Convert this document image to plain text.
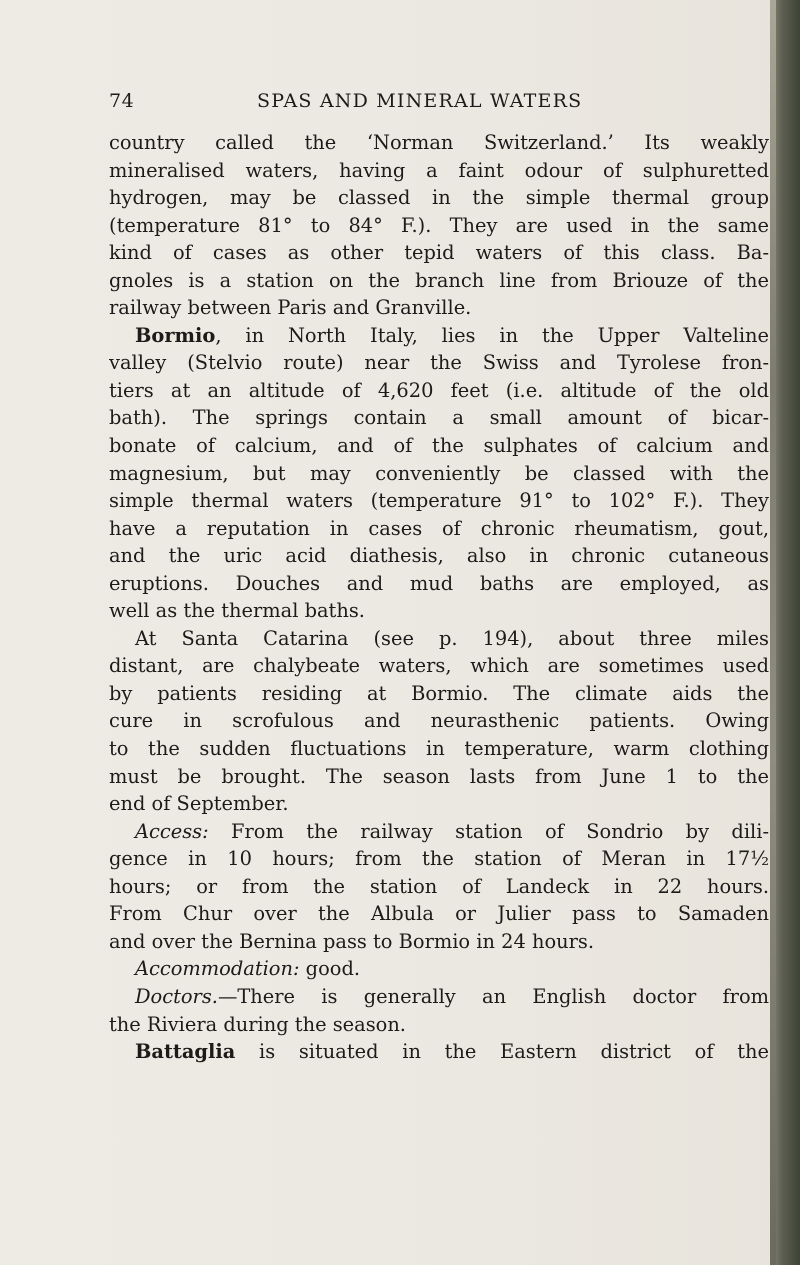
74	SPAS AND MINERAL WATERS
country called the ‘Norman Switzerland.’ Its weakly
mineralised waters, having a faint odour of sulphuretted
hydrogen, may be classed in the simple thermal group
(temperature 81° to 84° F.). They are used in the same
kind of cases as other tepid waters of this class. Ba-
gnoles is a station on the branch line from Briouze of the
railway between Paris and Granville.
Bormio, in North Italy, lies in the Upper Valteline
valley (Stelvio route) near the Swiss and Tyrolese fron-
tiers at an altitude of 4,620 feet (i.e. altitude of the old
bath). The springs contain a small amount of bicar-
bonate of calcium, and of the sulphates of calcium and
magnesium, but may conveniently be classed with the
simple thermal waters (temperature 91° to 102° F.). They
have a reputation in cases of chronic rheumatism, gout,
and the uric acid diathesis, also in chronic cutaneous
eruptions. Douches and mud baths are employed, as
well as the thermal baths.
At Santa Catarina (see p. 194), about three miles
distant, are chalybeate waters, which are sometimes used
by patients residing at Bormio. The climate aids the
cure in scrofulous and neurasthenic patients. Owing
to the sudden fluctuations in temperature, warm clothing
must be brought. The season lasts from June 1 to the
end of September.
Access: From the railway station of Sondrio by dili-
gence in 10 hours; from the station of Meran in 17½
hours; or from the station of Landeck in 22 hours.
From Chur over the Albula or Julier pass to Samaden
and over the Bernina pass to Bormio in 24 hours.
Accommodation: good.
Doctors.—There is generally an English doctor from
the Riviera during the season.
Battaglia is situated in the Eastern district of the
